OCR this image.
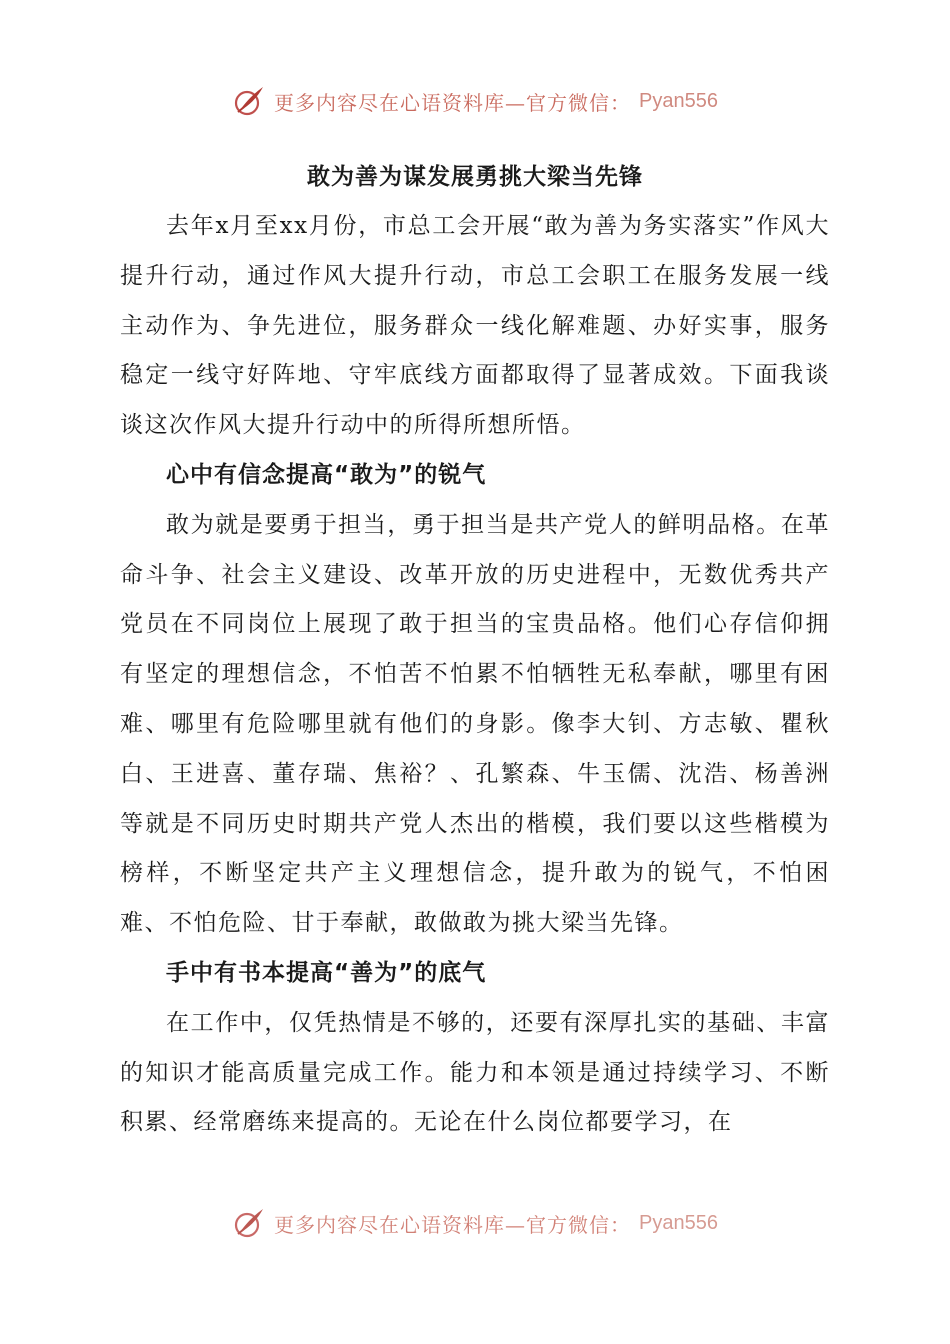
更多内容尽在心语资料库—官方微信： Pyan556
敢为善为谋发展勇挑大梁当先锋

去年x月至xx月份，市总工会开展“敢为善为务实落实”作风大提升行动，通过作风大提升行动，市总工会职工在服务发展一线主动作为、争先进位，服务群众一线化解难题、办好实事，服务稳定一线守好阵地、守牢底线方面都取得了显著成效。下面我谈谈这次作风大提升行动中的所得所想所悟。

心中有信念提高“敢为”的锐气

敢为就是要勇于担当，勇于担当是共产党人的鲜明品格。在革命斗争、社会主义建设、改革开放的历史进程中，无数优秀共产党员在不同岗位上展现了敢于担当的宝贵品格。他们心存信仰拥有坚定的理想信念，不怕苦不怕累不怕牺牲无私奉献，哪里有困难、哪里有危险哪里就有他们的身影。像李大钊、方志敏、瞿秋白、王进喜、董存瑞、焦裕？、孔繁森、牛玉儒、沈浩、杨善洲等就是不同历史时期共产党人杰出的楷模，我们要以这些楷模为榜样，不断坚定共产主义理想信念，提升敢为的锐气，不怕困难、不怕危险、甘于奉献，敢做敢为挑大梁当先锋。

手中有书本提高“善为”的底气

在工作中，仅凭热情是不够的，还要有深厚扎实的基础、丰富的知识才能高质量完成工作。能力和本领是通过持续学习、不断积累、经常磨练来提高的。无论在什么岗位都要学习，在

更多内容尽在心语资料库—官方微信： Pyan556
